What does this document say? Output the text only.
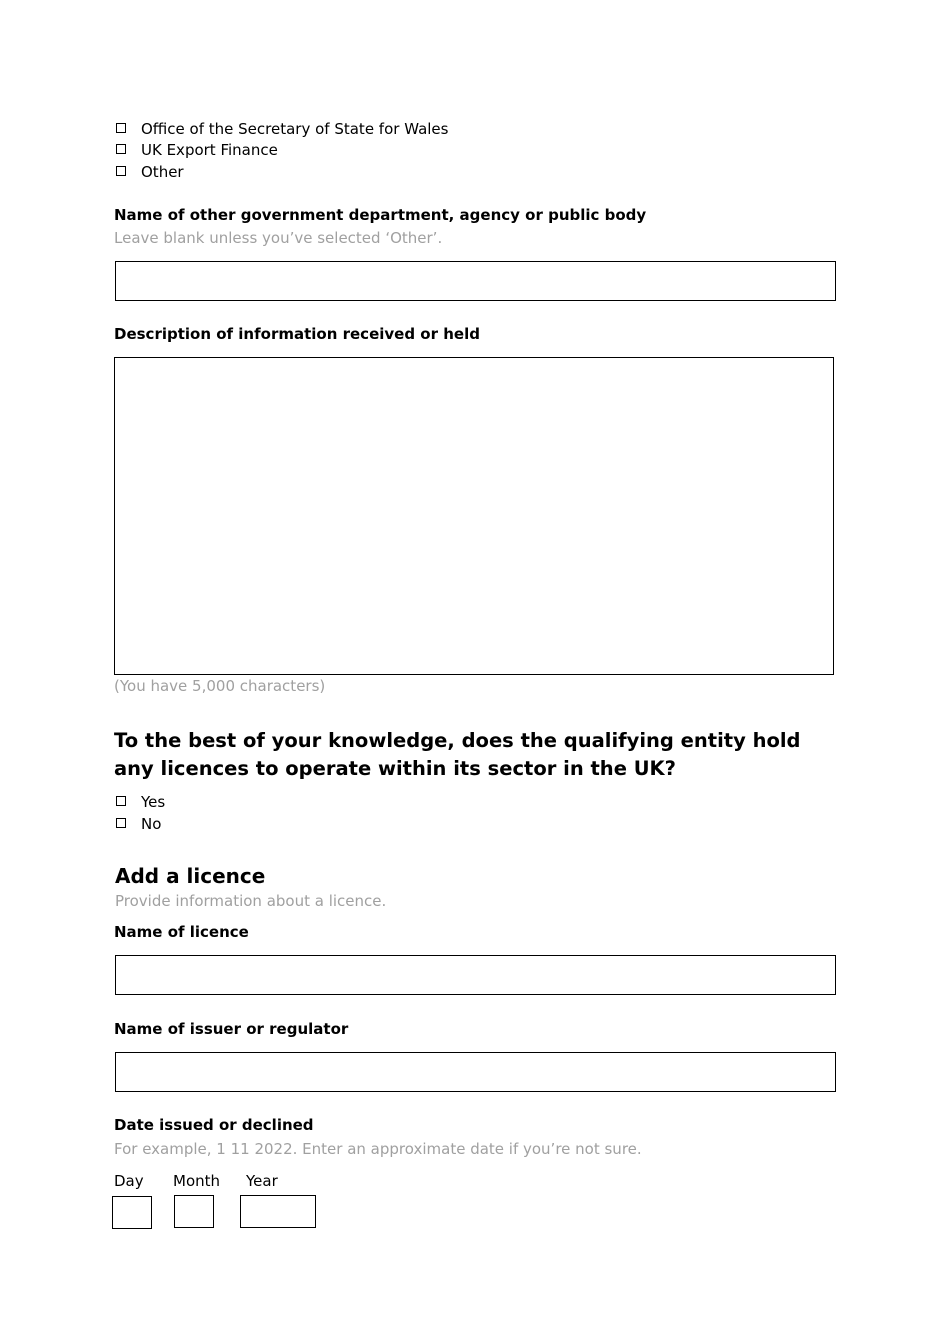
Office of the Secretary of State for Wales
UK Export Finance
Other
Name of other government department, agency or public body
Leave blank unless you’ve selected ‘Other’.
Description of information received or held
(You have 5,000 characters)
To the best of your knowledge, does the qualifying entity hold any licences to operate within its sector in the UK?
Yes
No
Add a licence
Provide information about a licence.
Name of licence
Name of issuer or regulator
Date issued or declined
For example, 1 11 2022. Enter an approximate date if you’re not sure.
Day Month Year
